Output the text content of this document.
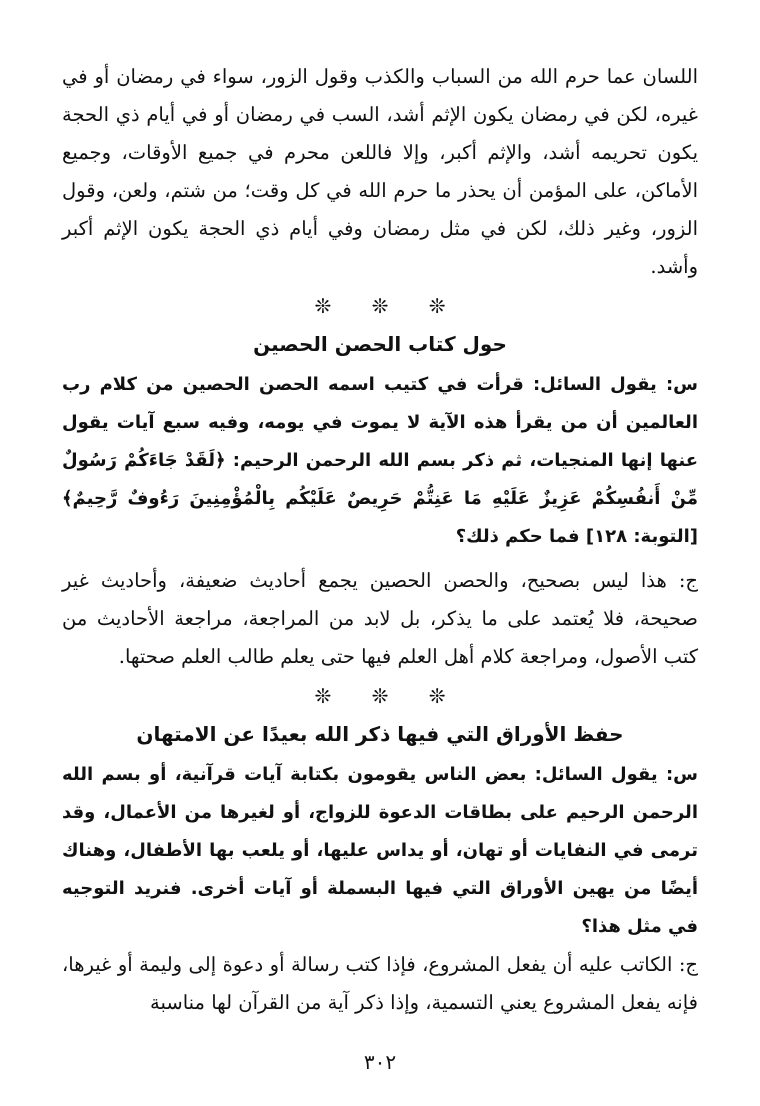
اللسان عما حرم الله من السباب والكذب وقول الزور، سواء في رمضان أو في غيره، لكن في رمضان يكون الإثم أشد، السب في رمضان أو في أيام ذي الحجة يكون تحريمه أشد، والإثم أكبر، وإلا فاللعن محرم في جميع الأوقات، وجميع الأماكن، على المؤمن أن يحذر ما حرم الله في كل وقت؛ من شتم، ولعن، وقول الزور، وغير ذلك، لكن في مثل رمضان وفي أيام ذي الحجة يكون الإثم أكبر وأشد.

❊ ❊ ❊
حول كتاب الحصن الحصين

س: يقول السائل: قرأت في كتيب اسمه الحصن الحصين من كلام رب العالمين أن من يقرأ هذه الآية لا يموت في يومه، وفيه سبع آيات يقول عنها إنها المنجيات، ثم ذكر بسم الله الرحمن الرحيم: ﴿لَقَدْ جَاءَكُمْ رَسُولٌ مِّنْ أَنفُسِكُمْ عَزِيزٌ عَلَيْهِ مَا عَنِتُّمْ حَرِيصٌ عَلَيْكُم بِالْمُؤْمِنِينَ رَءُوفٌ رَّحِيمٌ﴾ [التوبة: ١٢٨] فما حكم ذلك؟

ج: هذا ليس بصحيح، والحصن الحصين يجمع أحاديث ضعيفة، وأحاديث غير صحيحة، فلا يُعتمد على ما يذكر، بل لابد من المراجعة، مراجعة الأحاديث من كتب الأصول، ومراجعة كلام أهل العلم فيها حتى يعلم طالب العلم صحتها.

❊ ❊ ❊
حفظ الأوراق التي فيها ذكر الله بعيدًا عن الامتهان

س: يقول السائل: بعض الناس يقومون بكتابة آيات قرآنية، أو بسم الله الرحمن الرحيم على بطاقات الدعوة للزواج، أو لغيرها من الأعمال، وقد ترمى في النفايات أو تهان، أو يداس عليها، أو يلعب بها الأطفال، وهناك أيضًا من يهين الأوراق التي فيها البسملة أو آيات أخرى. فنريد التوجيه في مثل هذا؟

ج: الكاتب عليه أن يفعل المشروع، فإذا كتب رسالة أو دعوة إلى وليمة أو غيرها، فإنه يفعل المشروع يعني التسمية، وإذا ذكر آية من القرآن لها مناسبة

٣٠٢
